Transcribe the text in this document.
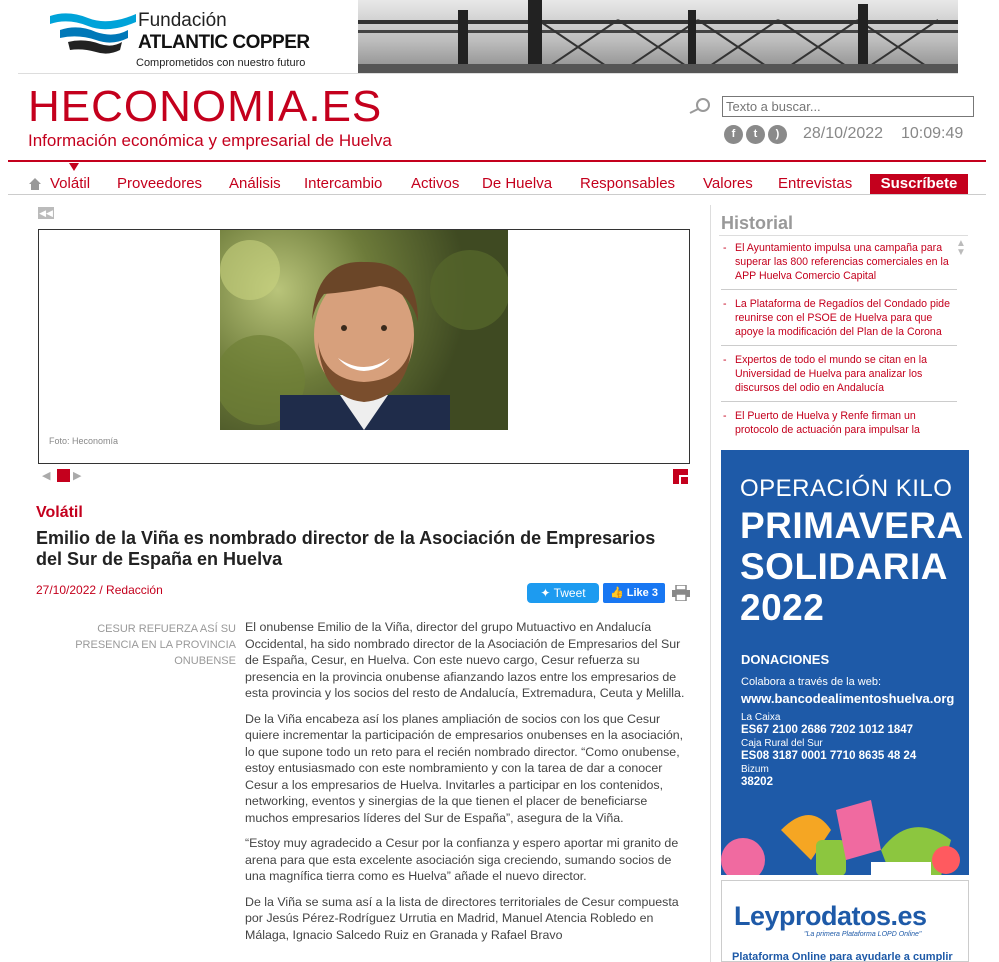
Fundación
ATLANTIC COPPER
Comprometidos con nuestro futuro
HECONOMIA.ES
Información económica y empresarial de Huelva
Texto a buscar...	f	t	)	28/10/2022 10:09:49
Volátil Proveedores Análisis Intercambio Activos De Huelva Responsables Valores Entrevistas	Suscríbete
◀◀
Foto: Heconomía
◀ ▶
Volátil
Emilio de la Viña es nombrado director de la Asociación de Empresarios del Sur de España en Huelva
27/10/2022 / Redacción	✦ Tweet	👍 Like 3
CESUR REFUERZA ASÍ SU PRESENCIA EN LA PROVINCIA ONUBENSE

El onubense Emilio de la Viña, director del grupo Mutuactivo en Andalucía Occidental, ha sido nombrado director de la Asociación de Empresarios del Sur de España, Cesur, en Huelva. Con este nuevo cargo, Cesur refuerza su presencia en la provincia onubense afianzando lazos entre los empresarios de esta provincia y los socios del resto de Andalucía, Extremadura, Ceuta y Melilla.

De la Viña encabeza así los planes ampliación de socios con los que Cesur quiere incrementar la participación de empresarios onubenses en la asociación, lo que supone todo un reto para el recién nombrado director. “Como onubense, estoy entusiasmado con este nombramiento y con la tarea de dar a conocer Cesur a los empresarios de Huelva. Invitarles a participar en los contenidos, networking, eventos y sinergias de la que tienen el placer de beneficiarse muchos empresarios líderes del Sur de España”, asegura de la Viña.

“Estoy muy agradecido a Cesur por la confianza y espero aportar mi granito de arena para que esta excelente asociación siga creciendo, sumando socios de una magnífica tierra como es Huelva” añade el nuevo director.

De la Viña se suma así a la lista de directores territoriales de Cesur compuesta por Jesús Pérez-Rodríguez Urrutia en Madrid, Manuel Atencia Robledo en Málaga, Ignacio Salcedo Ruiz en Granada y Rafael Bravo

Historial
- El Ayuntamiento impulsa una campaña para superar las 800 referencias comerciales en la APP Huelva Comercio Capital
- La Plataforma de Regadíos del Condado pide reunirse con el PSOE de Huelva para que apoye la modificación del Plan de la Corona
- Expertos de todo el mundo se citan en la Universidad de Huelva para analizar los discursos del odio en Andalucía
- El Puerto de Huelva y Renfe firman un protocolo de actuación para impulsar la
▲
▼
OPERACIÓN KILO
PRIMAVERA
SOLIDARIA
2022
DONACIONES
Colabora a través de la web:
www.bancodealimentoshuelva.org
La Caixa
ES67 2100 2686 7202 1012 1847
Caja Rural del Sur
ES08 3187 0001 7710 8635 48 24
Bizum
38202
Leyprodatos.es
"La primera Plataforma LOPD Online"
Plataforma Online para ayudarle a cumplir
